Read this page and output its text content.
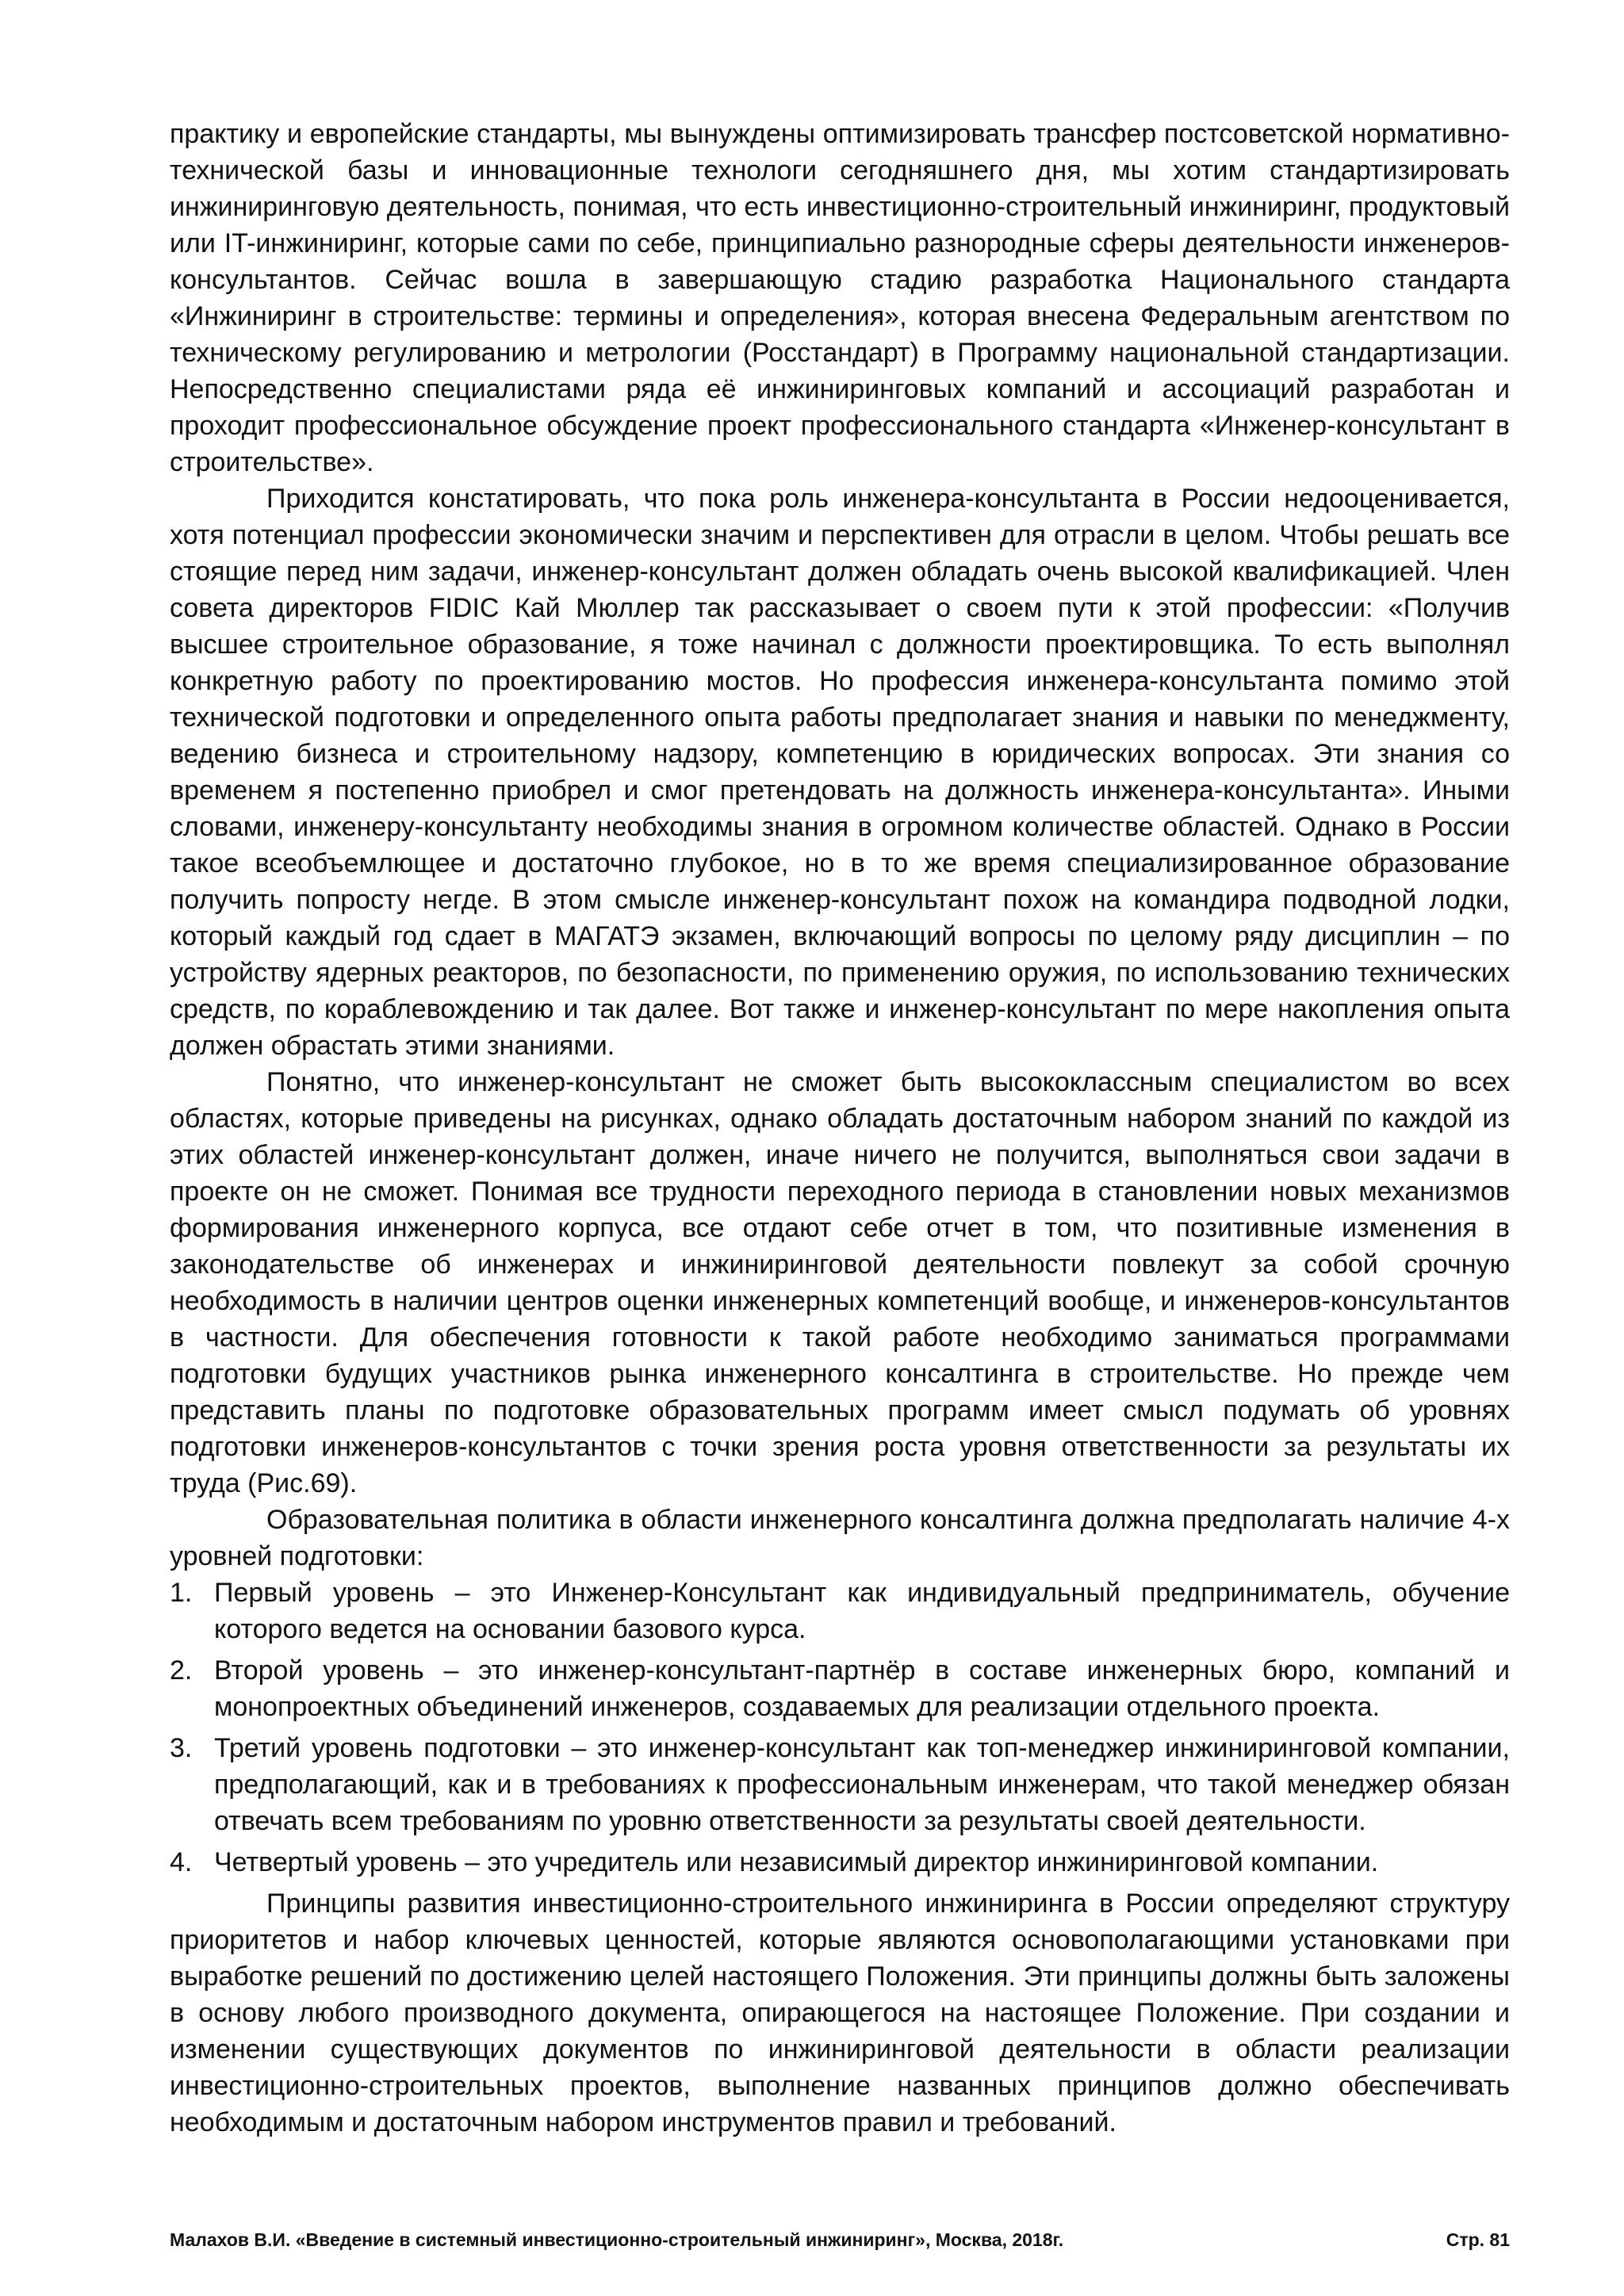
практику и европейские стандарты, мы вынуждены оптимизировать трансфер постсоветской нормативно-технической базы и инновационные технологи сегодняшнего дня, мы хотим стандартизировать инжиниринговую деятельность, понимая, что есть инвестиционно-строительный инжиниринг, продуктовый или IT-инжиниринг, которые сами по себе, принципиально разнородные сферы деятельности инженеров-консультантов. Сейчас вошла в завершающую стадию разработка Национального стандарта «Инжиниринг в строительстве: термины и определения», которая внесена Федеральным агентством по техническому регулированию и метрологии (Росстандарт) в Программу национальной стандартизации. Непосредственно специалистами ряда её инжиниринговых компаний и ассоциаций разработан и проходит профессиональное обсуждение проект профессионального стандарта «Инженер-консультант в строительстве».

Приходится констатировать, что пока роль инженера-консультанта в России недооценивается, хотя потенциал профессии экономически значим и перспективен для отрасли в целом. Чтобы решать все стоящие перед ним задачи, инженер-консультант должен обладать очень высокой квалификацией. Член совета директоров FIDIC Кай Мюллер так рассказывает о своем пути к этой профессии: «Получив высшее строительное образование, я тоже начинал с должности проектировщика. То есть выполнял конкретную работу по проектированию мостов. Но профессия инженера-консультанта помимо этой технической подготовки и определенного опыта работы предполагает знания и навыки по менеджменту, ведению бизнеса и строительному надзору, компетенцию в юридических вопросах. Эти знания со временем я постепенно приобрел и смог претендовать на должность инженера-консультанта». Иными словами, инженеру-консультанту необходимы знания в огромном количестве областей. Однако в России такое всеобъемлющее и достаточно глубокое, но в то же время специализированное образование получить попросту негде. В этом смысле инженер-консультант похож на командира подводной лодки, который каждый год сдает в МАГАТЭ экзамен, включающий вопросы по целому ряду дисциплин – по устройству ядерных реакторов, по безопасности, по применению оружия, по использованию технических средств, по кораблевождению и так далее. Вот также и инженер-консультант по мере накопления опыта должен обрастать этими знаниями.

Понятно, что инженер-консультант не сможет быть высококлассным специалистом во всех областях, которые приведены на рисунках, однако обладать достаточным набором знаний по каждой из этих областей инженер-консультант должен, иначе ничего не получится, выполняться свои задачи в проекте он не сможет. Понимая все трудности переходного периода в становлении новых механизмов формирования инженерного корпуса, все отдают себе отчет в том, что позитивные изменения в законодательстве об инженерах и инжиниринговой деятельности повлекут за собой срочную необходимость в наличии центров оценки инженерных компетенций вообще, и инженеров-консультантов в частности. Для обеспечения готовности к такой работе необходимо заниматься программами подготовки будущих участников рынка инженерного консалтинга в строительстве. Но прежде чем представить планы по подготовке образовательных программ имеет смысл подумать об уровнях подготовки инженеров-консультантов с точки зрения роста уровня ответственности за результаты их труда (Рис.69).

Образовательная политика в области инженерного консалтинга должна предполагать наличие 4-х уровней подготовки:

1. Первый уровень – это Инженер-Консультант как индивидуальный предприниматель, обучение которого ведется на основании базового курса.
2. Второй уровень – это инженер-консультант-партнёр в составе инженерных бюро, компаний и монопроектных объединений инженеров, создаваемых для реализации отдельного проекта.
3. Третий уровень подготовки – это инженер-консультант как топ-менеджер инжиниринговой компании, предполагающий, как и в требованиях к профессиональным инженерам, что такой менеджер обязан отвечать всем требованиям по уровню ответственности за результаты своей деятельности.
4. Четвертый уровень – это учредитель или независимый директор инжиниринговой компании.

Принципы развития инвестиционно-строительного инжиниринга в России определяют структуру приоритетов и набор ключевых ценностей, которые являются основополагающими установками при выработке решений по достижению целей настоящего Положения. Эти принципы должны быть заложены в основу любого производного документа, опирающегося на настоящее Положение. При создании и изменении существующих документов по инжиниринговой деятельности в области реализации инвестиционно-строительных проектов, выполнение названных принципов должно обеспечивать необходимым и достаточным набором инструментов правил и требований.

Малахов В.И. «Введение в системный инвестиционно-строительный инжиниринг», Москва, 2018г.	Стр. 81
